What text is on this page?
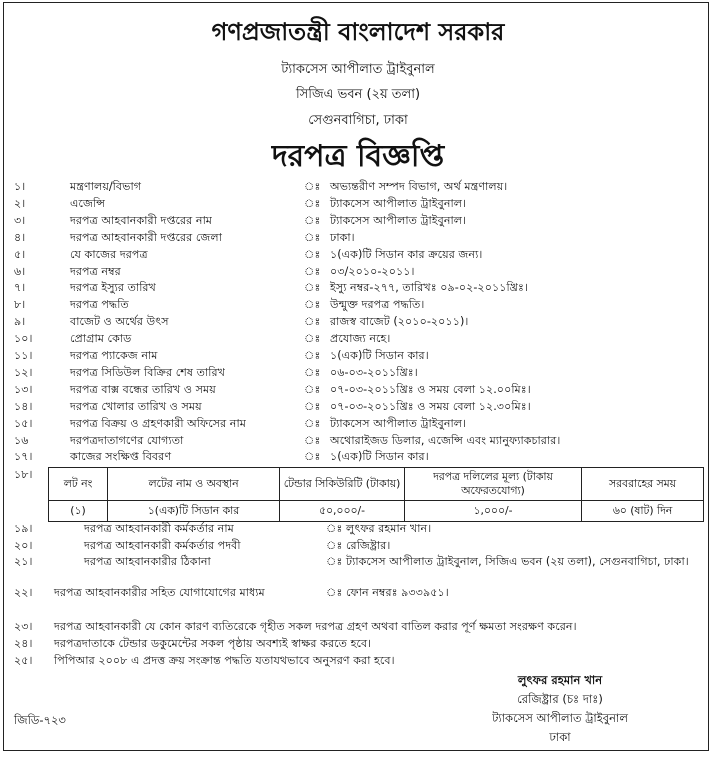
গণপ্রজাতন্ত্রী বাংলাদেশ সরকার
ট্যাকসেস আপীলাত ট্রাইবুনাল
সিজিএ ভবন (২য় তলা)
সেগুনবাগিচা, ঢাকা
দরপত্র বিজ্ঞপ্তি
১।	মন্ত্রণালয়/বিভাগ	ঃ অভ্যন্তরীণ সম্পদ বিভাগ, অর্থ মন্ত্রণালয়।
২।	এজেন্সি	ঃ ট্যাকসেস আপীলাত ট্রাইবুনাল।
৩।	দরপত্র আহবানকারী দপ্তরের নাম	ঃ ট্যাকসেস আপীলাত ট্রাইবুনাল।
৪।	দরপত্র আহবানকারী দপ্তরের জেলা	ঃ ঢাকা।
৫।	যে কাজের দরপত্র	ঃ ১(এক)টি সিডান কার ক্রয়ের জন্য।
৬।	দরপত্র নম্বর	ঃ ০৩/২০১০-২০১১।
৭।	দরপত্র ইস্যুর তারিখ	ঃ ইস্যু নম্বর-২৭৭, তারিখঃ ০৯-০২-২০১১খ্রিঃ।
৮।	দরপত্র পদ্ধতি	ঃ উন্মুক্ত দরপত্র পদ্ধতি।
৯।	বাজেট ও অর্থের উৎস	ঃ রাজস্ব বাজেট (২০১০-২০১১)।
১০।	প্রোগ্রাম কোড	ঃ প্রযোজ্য নহে।
১১।	দরপত্র প্যাকেজ নাম	ঃ ১(এক)টি সিডান কার।
১২।	দরপত্র সিডিউল বিক্রির শেষ তারিখ	ঃ ০৬-০৩-২০১১খ্রিঃ।
১৩।	দরপত্র বাক্স বন্ধের তারিখ ও সময়	ঃ ০৭-০৩-২০১১খ্রিঃ ও সময় বেলা ১২.০০মিঃ।
১৪।	দরপত্র খোলার তারিখ ও সময়	ঃ ০৭-০৩-২০১১খ্রিঃ ও সময় বেলা ১২.৩০মিঃ।
১৫।	দরপত্র বিক্রয় ও গ্রহণকারী অফিসের নাম	ঃ ট্যাকসেস আপীলাত ট্রাইবুনাল।
১৬	দরপত্রদাতাগণের যোগ্যতা	ঃ অথোরাইজড ডিলার, এজেন্সি এবং ম্যানুফ্যাকচারার।
১৭।	কাজের সংক্ষিপ্ত বিবরণ	ঃ ১(এক)টি সিডান কার।
১৮।
লট নং	লটের নাম ও অবস্থান	টেন্ডার সিকিউরিটি (টাকায়)	দরপত্র দলিলের মূল্য (টাকায় অফেরতযোগ্য)	সরবরাহের সময়
(১)	১(এক)টি সিডান কার	৫০,০০০/-	১,০০০/-	৬০ (ষাট) দিন
১৯।	দরপত্র আহবানকারী কর্মকর্তার নাম	ঃ লুৎফর রহমান খান।
২০।	দরপত্র আহবানকারী কর্মকর্তার পদবী	ঃ রেজিষ্ট্রার।
২১।	দরপত্র আহবানকারীর ঠিকানা	ঃ ট্যাকসেস আপীলাত ট্রাইবুনাল, সিজিএ ভবন (২য় তলা), সেগুনবাগিচা, ঢাকা।
২২। দরপত্র আহবানকারীর সহিত যোগাযোগের মাধ্যম	ঃ ফোন নম্বরঃ ৯৩৩৯৫১।
২৩। দরপত্র আহবানকারী যে কোন কারণ ব্যতিরেকে গৃহীত সকল দরপত্র গ্রহণ অথবা বাতিল করার পূর্ণ ক্ষমতা সংরক্ষণ করেন।
২৪। দরপত্রদাতাকে টেন্ডার ডকুমেন্টের সকল পৃষ্ঠায় অবশ্যই স্বাক্ষর করতে হবে।
২৫। পিপিআর ২০০৮ এ প্রদত্ত ক্রয় সংক্রান্ত পদ্ধতি যতাযথভাবে অনুসরণ করা হবে।
লুৎফর রহমান খান
রেজিষ্ট্রার (চঃ দাঃ)
ট্যাকসেস আপীলাত ট্রাইবুনাল
ঢাকা
জিডি-৭২৩
